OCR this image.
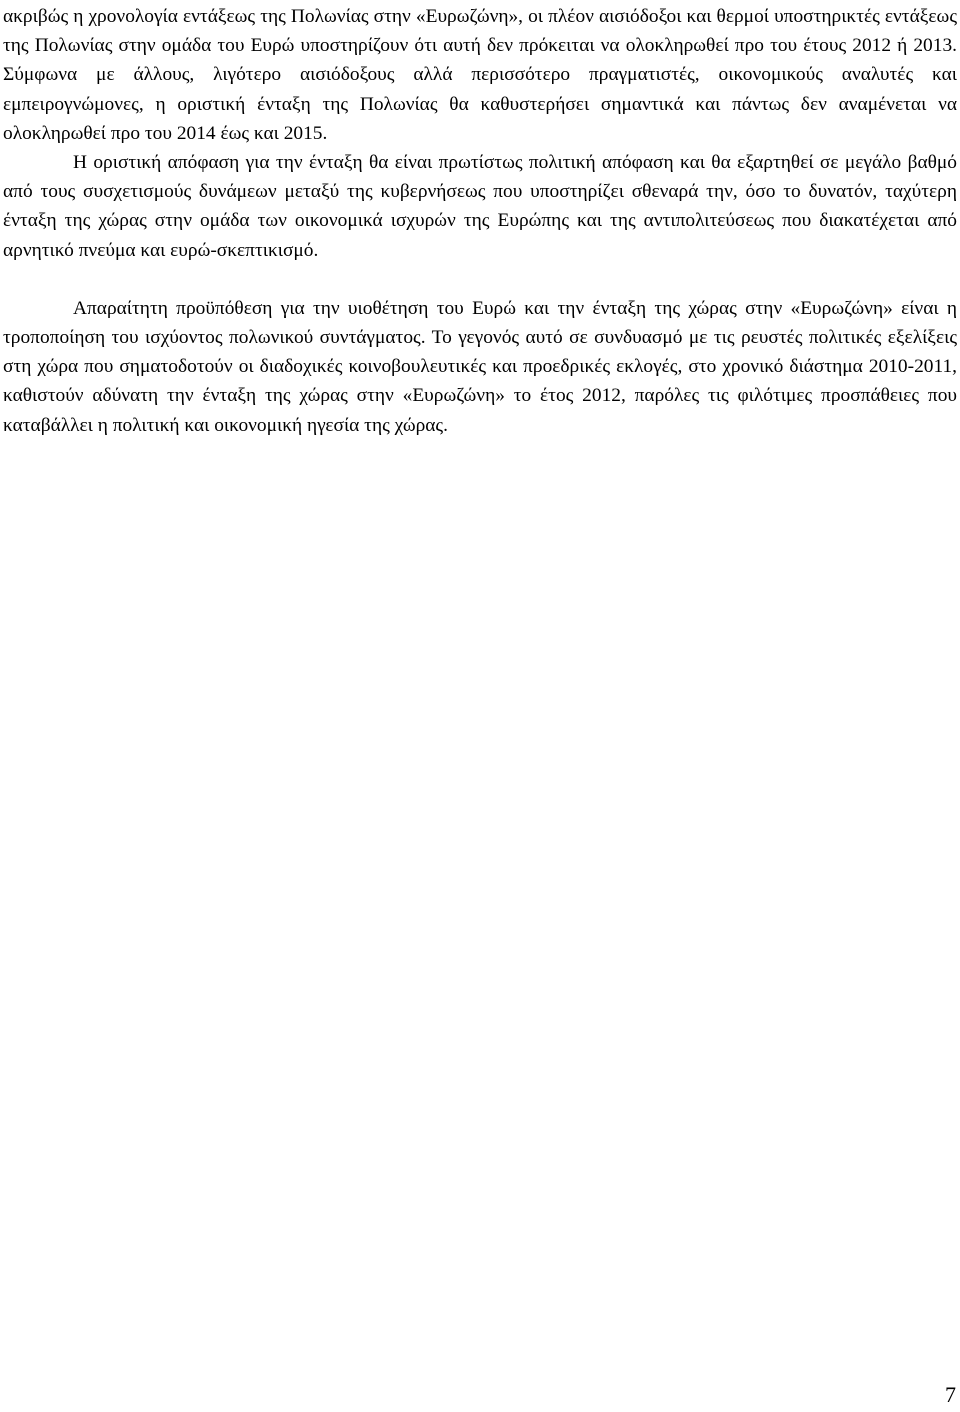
ακριβώς η χρονολογία εντάξεως της Πολωνίας στην «Ευρωζώνη», οι πλέον αισιόδοξοι και θερμοί υποστηρικτές εντάξεως της Πολωνίας στην ομάδα του Ευρώ υποστηρίζουν ότι αυτή δεν πρόκειται να ολοκληρωθεί προ του έτους 2012 ή 2013. Σύμφωνα με άλλους, λιγότερο αισιόδοξους αλλά περισσότερο πραγματιστές, οικονομικούς αναλυτές και εμπειρογνώμονες, η οριστική ένταξη της Πολωνίας θα καθυστερήσει σημαντικά και πάντως δεν αναμένεται να ολοκληρωθεί προ του 2014 έως και 2015.

Η οριστική απόφαση για την ένταξη θα είναι πρωτίστως πολιτική απόφαση και θα εξαρτηθεί σε μεγάλο βαθμό από τους συσχετισμούς δυνάμεων μεταξύ της κυβερνήσεως που υποστηρίζει σθεναρά την, όσο το δυνατόν, ταχύτερη ένταξη της χώρας στην ομάδα των οικονομικά ισχυρών της Ευρώπης και της αντιπολιτεύσεως που διακατέχεται από αρνητικό πνεύμα και ευρώ-σκεπτικισμό.

Απαραίτητη προϋπόθεση για την υιοθέτηση του Ευρώ και την ένταξη της χώρας στην «Ευρωζώνη» είναι η τροποποίηση του ισχύοντος πολωνικού συντάγματος. Το γεγονός αυτό σε συνδυασμό με τις ρευστές πολιτικές εξελίξεις στη χώρα που σηματοδοτούν οι διαδοχικές κοινοβουλευτικές και προεδρικές εκλογές, στο χρονικό διάστημα 2010-2011, καθιστούν αδύνατη την ένταξη της χώρας στην «Ευρωζώνη» το έτος 2012, παρόλες τις φιλότιμες προσπάθειες που καταβάλλει η πολιτική και οικονομική ηγεσία της χώρας.

7
